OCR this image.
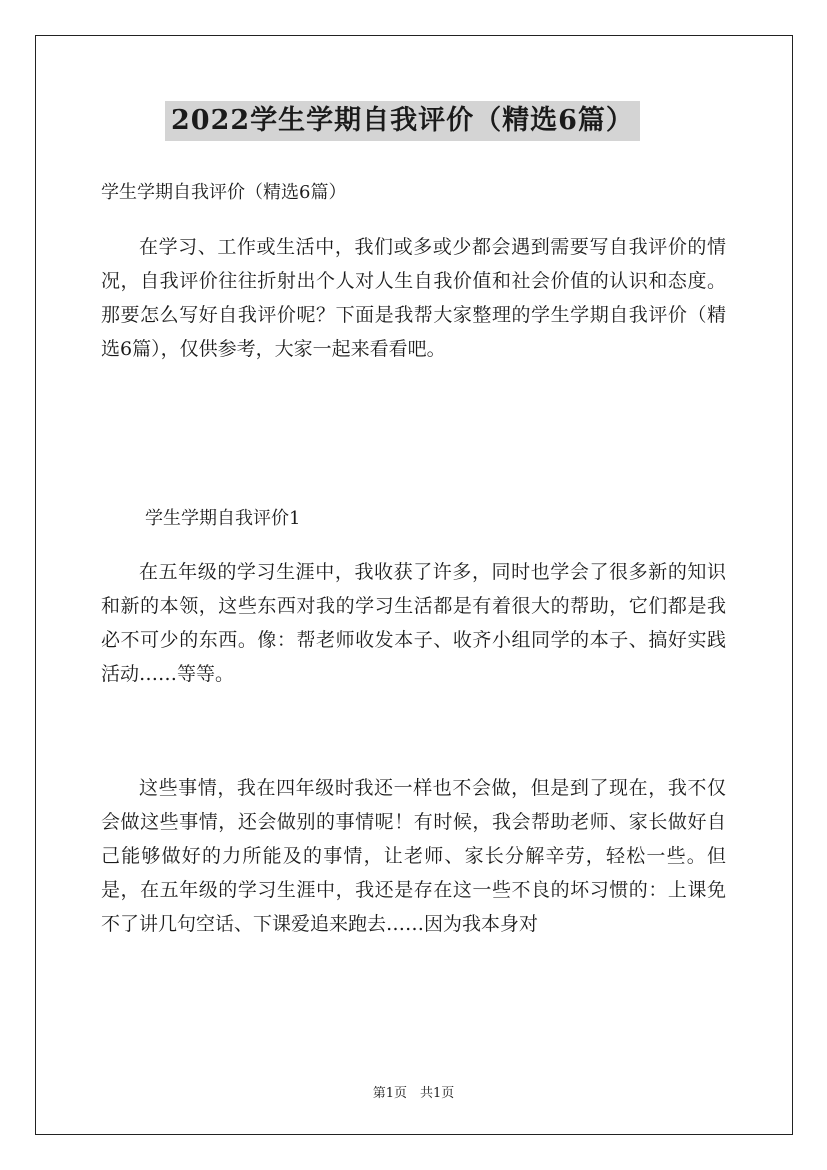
2022学生学期自我评价（精选6篇）
学生学期自我评价（精选6篇）

在学习、工作或生活中，我们或多或少都会遇到需要写自我评价的情况，自我评价往往折射出个人对人生自我价值和社会价值的认识和态度。那要怎么写好自我评价呢？下面是我帮大家整理的学生学期自我评价（精选6篇），仅供参考，大家一起来看看吧。

学生学期自我评价1

在五年级的学习生涯中，我收获了许多，同时也学会了很多新的知识和新的本领，这些东西对我的学习生活都是有着很大的帮助，它们都是我必不可少的东西。像：帮老师收发本子、收齐小组同学的本子、搞好实践活动……等等。

这些事情，我在四年级时我还一样也不会做，但是到了现在，我不仅会做这些事情，还会做别的事情呢！有时候，我会帮助老师、家长做好自己能够做好的力所能及的事情，让老师、家长分解辛劳，轻松一些。但是，在五年级的学习生涯中，我还是存在这一些不良的坏习惯的：上课免不了讲几句空话、下课爱追来跑去……因为我本身对

第1页　共1页
